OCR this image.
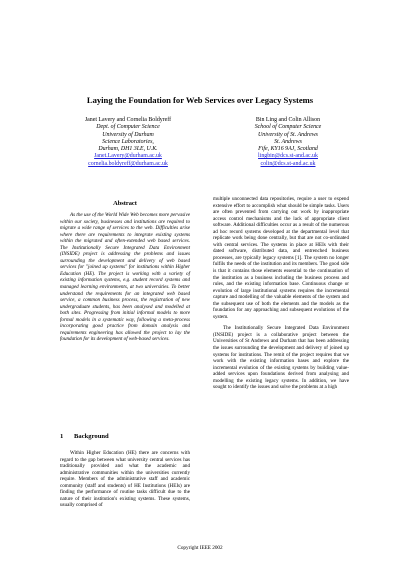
Laying the Foundation for Web Services over Legacy Systems
Janet Lavery and Cornelia Boldyreff
Dept. of Computer Science
University of Durham
Science Laboratories,
Durham, DH1 3LE, U.K.
Janet.Lavery@durham.ac.uk
cornelia.boldyreff@durham.ac.uk
Bin Ling and Colin Allison
School of Computer Science
University of St. Andrews
St. Andrews
Fife, KY16 9AJ, Scotland
lingbin@dcs.st-and.ac.uk
colin@dcs.st-and.ac.uk
Abstract

As the use of the World Wide Web becomes more pervasive within our society, businesses and institutions are required to migrate a wide range of services to the web. Difficulties arise where there are requirements to integrate existing systems within the migrated and often-extended web based services. The Institutionally Secure Integrated Data Environment (INSIDE) project is addressing the problems and issues surrounding the development and delivery of web based services for "joined up systems" for institutions within Higher Education (HE). The project is working with a variety of existing information systems, e.g. student record systems and managed learning environments, at two universities. To better understand the requirements for an integrated web based service, a common business process, the registration of new undergraduate students, has been analysed and modelled at both sites. Progressing from initial informal models to more formal models in a systematic way, following a meta-process incorporating good practice from domain analysis and requirements engineering has allowed the project to lay the foundation for its development of web-based services.

1 Background

Within Higher Education (HE) there are concerns with regard to the gap between what university central services has traditionally provided and what the academic and administrative communities within the universities currently require. Members of the administrative staff and academic community (staff and students) of HE Institutions (HEIs) are finding the performance of routine tasks difficult due to the nature of their institution's existing systems. These systems, usually comprised of

multiple unconnected data repositories, require a user to expend extensive effort to accomplish what should be simple tasks. Users are often prevented from carrying out work by inappropriate access control mechanisms and the lack of appropriate client software. Additional difficulties occur as a result of the numerous ad hoc record systems developed at the departmental level that replicate work being done centrally, but that are not co-ordinated with central services. The systems in place at HEIs with their dated software, distributed data, and entrenched business processes, are typically legacy systems [1]. The system no longer fulfils the needs of the institution and its members. The good side is that it contains those elements essential to the continuation of the institution as a business including the business process and rules, and the existing information base. Continuous change or evolution of large institutional systems requires the incremental capture and modelling of the valuable elements of the system and the subsequent use of both the elements and the models as the foundation for any approaching and subsequent evolutions of the system.

The Institutionally Secure Integrated Data Environment (INSIDE) project is a collaborative project between the Universities of St Andrews and Durham that has been addressing the issues surrounding the development and delivery of joined up systems for institutions. The remit of the project requires that we work with the existing information bases and explore the incremental evolution of the existing systems by building value-added services upon foundations derived from analysing and modelling the existing legacy systems. In addition, we have sought to identify the issues and solve the problems at a high

Copyright IEEE 2002
